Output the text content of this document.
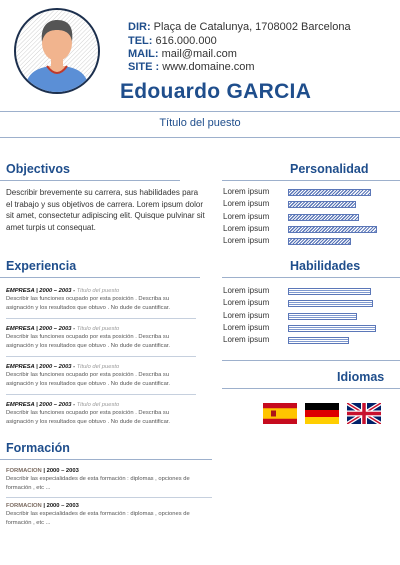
DIR: Plaça de Catalunya, 1708002 Barcelona
TEL: 616.000.000
MAIL: mail@mail.com
SITE : www.domaine.com
Edouardo GARCIA
Título del puesto
Objectivos
Describir brevemente su carrera, sus habilidades para el trabajo y sus objetivos de carrera. Lorem ipsum dolor sit amet, consectetur adipiscing elit. Quisque pulvinar sit amet turpis ut consequat.
Personalidad
Lorem ipsum
Lorem ipsum
Lorem ipsum
Lorem ipsum
Lorem ipsum
Experiencia
EMPRESA | 2000 – 2003 - Titulo del puesto
Describir las funciones ocupado por esta posición . Describa su asignación y los resultados que obtuvo . No dude de cuantificar.
EMPRESA | 2000 – 2003 - Titulo del puesto
Describir las funciones ocupado por esta posición . Describa su asignación y los resultados que obtuvo . No dude de cuantificar.
EMPRESA | 2000 – 2003 - Titulo del puesto
Describir las funciones ocupado por esta posición . Describa su asignación y los resultados que obtuvo . No dude de cuantificar.
EMPRESA | 2000 – 2003 - Titulo del puesto
Describir las funciones ocupado por esta posición . Describa su asignación y los resultados que obtuvo . No dude de cuantificar.
Habilidades
Lorem ipsum
Lorem ipsum
Lorem ipsum
Lorem ipsum
Lorem ipsum
Idiomas
Formación
FORMACION | 2000 – 2003
Describir las especialidades de esta formación : diplomas , opciones de formación , etc ...
FORMACION | 2000 – 2003
Describir las especialidades de esta formación : diplomas , opciones de formación , etc ...
